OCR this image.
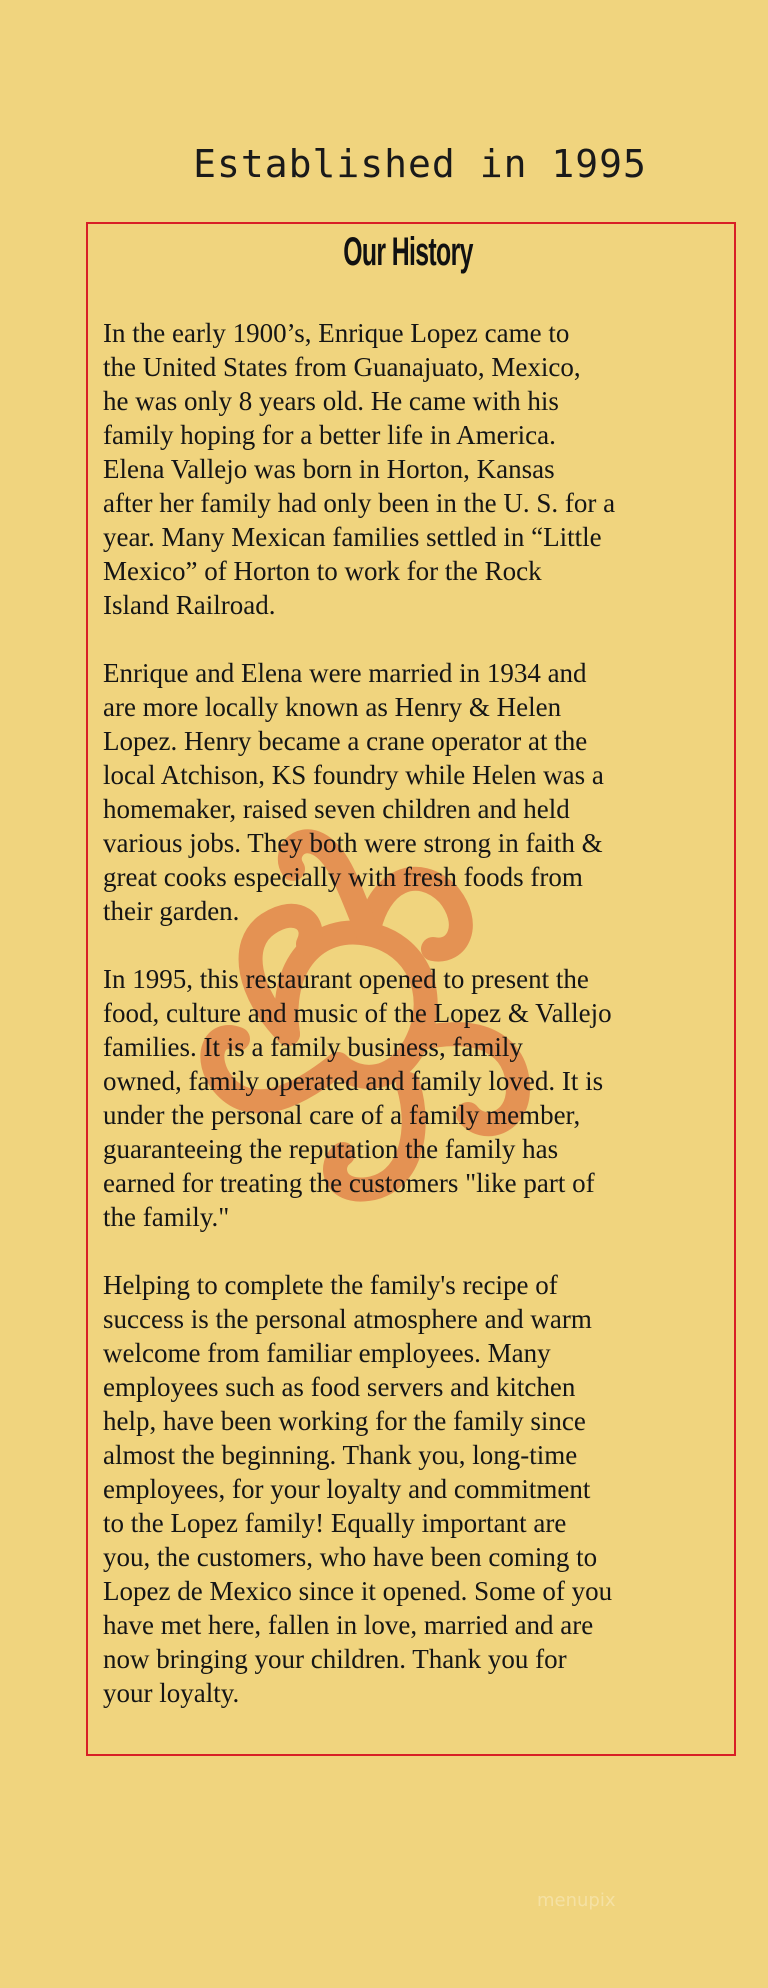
Established in 1995
Our History

In the early 1900’s, Enrique Lopez came to
the United States from Guanajuato, Mexico,
he was only 8 years old. He came with his
family hoping for a better life in America.
Elena Vallejo was born in Horton, Kansas
after her family had only been in the U. S. for a
year. Many Mexican families settled in “Little
Mexico” of Horton to work for the Rock
Island Railroad.

Enrique and Elena were married in 1934 and
are more locally known as Henry & Helen
Lopez. Henry became a crane operator at the
local Atchison, KS foundry while Helen was a
homemaker, raised seven children and held
various jobs. They both were strong in faith &
great cooks especially with fresh foods from
their garden.

In 1995, this restaurant opened to present the
food, culture and music of the Lopez & Vallejo
families. It is a family business, family
owned, family operated and family loved. It is
under the personal care of a family member,
guaranteeing the reputation the family has
earned for treating the customers "like part of
the family."

Helping to complete the family's recipe of
success is the personal atmosphere and warm
welcome from familiar employees. Many
employees such as food servers and kitchen
help, have been working for the family since
almost the beginning. Thank you, long-time
employees, for your loyalty and commitment
to the Lopez family! Equally important are
you, the customers, who have been coming to
Lopez de Mexico since it opened. Some of you
have met here, fallen in love, married and are
now bringing your children. Thank you for
your loyalty.

menupix
